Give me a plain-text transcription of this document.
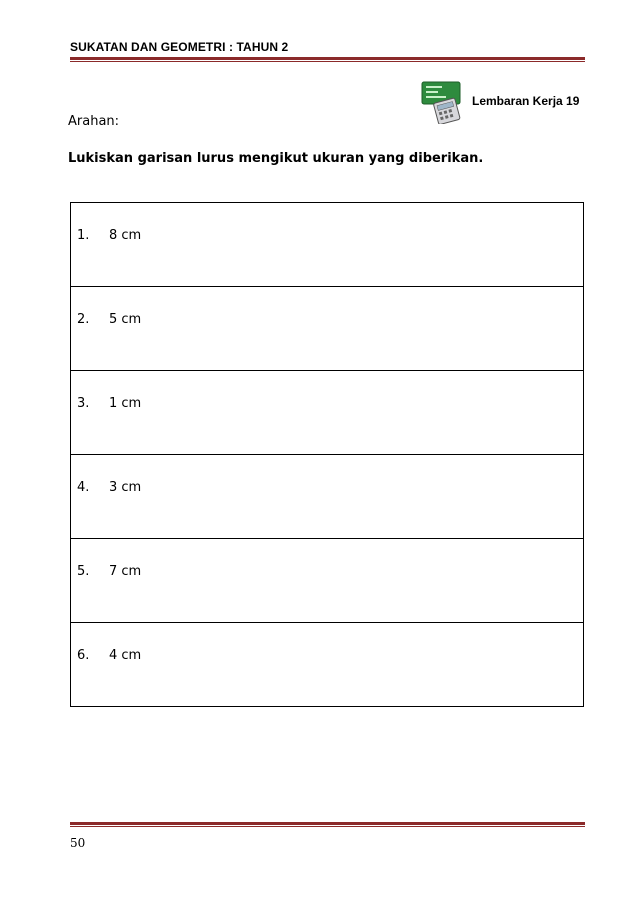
SUKATAN DAN GEOMETRI : TAHUN 2
Lembaran Kerja 19
Arahan:
Lukiskan garisan lurus mengikut ukuran yang diberikan.
1. 8 cm
2. 5 cm
3. 1 cm
4. 3 cm
5. 7 cm
6. 4 cm
50
